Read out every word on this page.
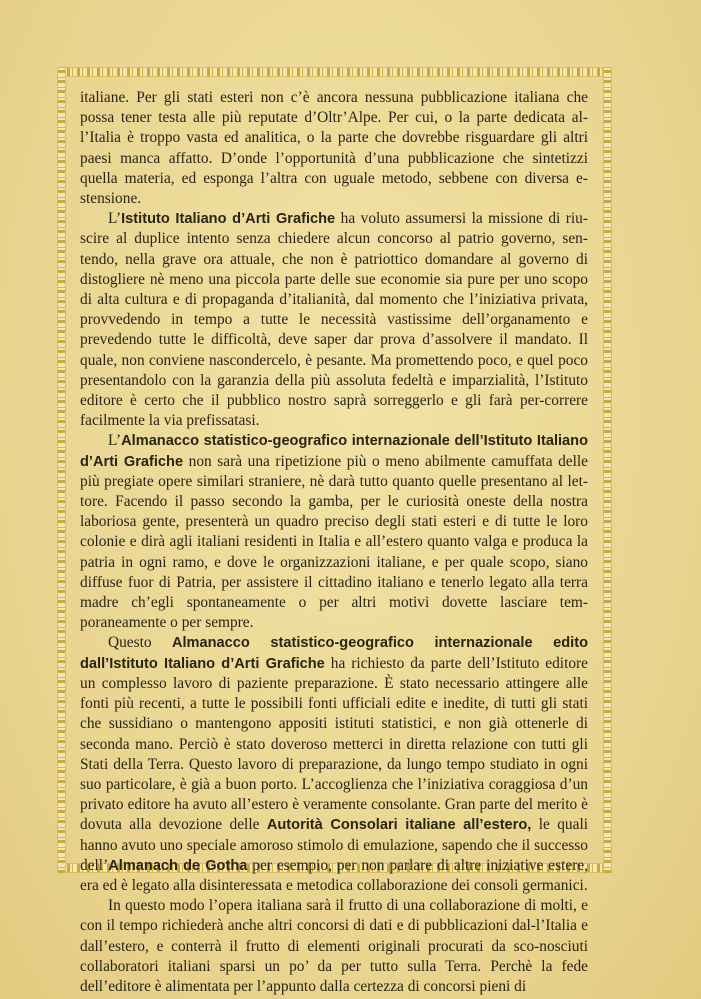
italiane. Per gli stati esteri non c’è ancora nessuna pubblicazione italiana che possa tener testa alle più reputate d’Oltr’Alpe. Per cui, o la parte dedicata al-l’Italia è troppo vasta ed analitica, o la parte che dovrebbe risguardare gli altri paesi manca affatto. D’onde l’opportunità d’una pubblicazione che sintetizzi quella materia, ed esponga l’altra con uguale metodo, sebbene con diversa e-stensione.

L’Istituto Italiano d’Arti Grafiche ha voluto assumersi la missione di riu-scire al duplice intento senza chiedere alcun concorso al patrio governo, sen-tendo, nella grave ora attuale, che non è patriottico domandare al governo di distogliere nè meno una piccola parte delle sue economie sia pure per uno scopo di alta cultura e di propaganda d’italianità, dal momento che l’iniziativa privata, provvedendo in tempo a tutte le necessità vastissime dell’organamento e prevedendo tutte le difficoltà, deve saper dar prova d’assolvere il mandato. Il quale, non conviene nascondercelo, è pesante. Ma promettendo poco, e quel poco presentandolo con la garanzia della più assoluta fedeltà e imparzialità, l’Istituto editore è certo che il pubblico nostro saprà sorreggerlo e gli farà per-correre facilmente la via prefissatasi.

L’Almanacco statistico-geografico internazionale dell’Istituto Italiano d’Arti Grafiche non sarà una ripetizione più o meno abilmente camuffata delle più pregiate opere similari straniere, nè darà tutto quanto quelle presentano al let-tore. Facendo il passo secondo la gamba, per le curiosità oneste della nostra laboriosa gente, presenterà un quadro preciso degli stati esteri e di tutte le loro colonie e dirà agli italiani residenti in Italia e all’estero quanto valga e produca la patria in ogni ramo, e dove le organizzazioni italiane, e per quale scopo, siano diffuse fuor di Patria, per assistere il cittadino italiano e tenerlo legato alla terra madre ch’egli spontaneamente o per altri motivi dovette lasciare tem-poraneamente o per sempre.

Questo Almanacco statistico-geografico internazionale edito dall’Istituto Italiano d’Arti Grafiche ha richiesto da parte dell’Istituto editore un complesso lavoro di paziente preparazione. È stato necessario attingere alle fonti più recenti, a tutte le possibili fonti ufficiali edite e inedite, di tutti gli stati che sussidiano o mantengono appositi istituti statistici, e non già ottenerle di seconda mano. Perciò è stato doveroso metterci in diretta relazione con tutti gli Stati della Terra. Questo lavoro di preparazione, da lungo tempo studiato in ogni suo particolare, è già a buon porto. L’accoglienza che l’iniziativa coraggiosa d’un privato editore ha avuto all’estero è veramente consolante. Gran parte del merito è dovuta alla devozione delle Autorità Consolari italiane all’estero, le quali hanno avuto uno speciale amoroso stimolo di emulazione, sapendo che il successo dell’Almanach de Gotha per esempio, per non parlare di altre iniziative estere, era ed è legato alla disinteressata e metodica collaborazione dei consoli germanici.

In questo modo l’opera italiana sarà il frutto di una collaborazione di molti, e con il tempo richiederà anche altri concorsi di dati e di pubblicazioni dal-l’Italia e dall’estero, e conterrà il frutto di elementi originali procurati da sco-nosciuti collaboratori italiani sparsi un po’ da per tutto sulla Terra. Perchè la fede dell’editore è alimentata per l’appunto dalla certezza di concorsi pieni di
